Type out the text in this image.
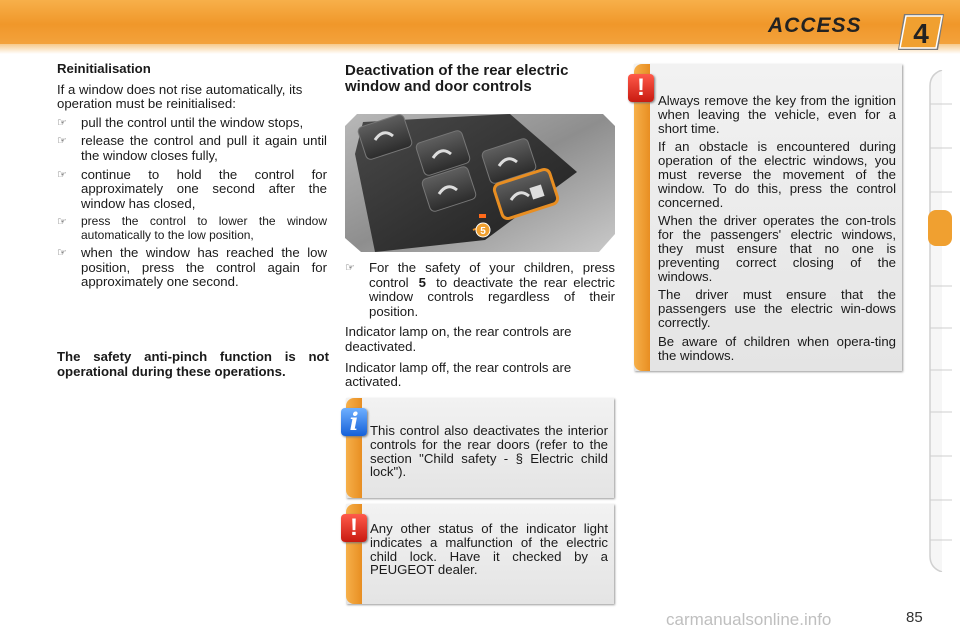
ACCESS 4

Reinitialisation

If a window does not rise automatically, its operation must be reinitialised:

☞	pull the control until the window stops,
☞	release the control and pull it again until the window closes fully,
☞	continue to hold the control for approximately one second after the window has closed,
☞	press the control to lower the window automatically to the low position,
☞	when the window has reached the low position, press the control again for approximately one second.
The safety anti-pinch function is not operational during these operations.
Deactivation of the rear electric window and door controls
5
☞	For the safety of your children, press control 5 to deactivate the rear electric window controls regardless of their position.

Indicator lamp on, the rear controls are deactivated.

Indicator lamp off, the rear controls are activated.

This control also deactivates the interior controls for the rear doors (refer to the section "Child safety - § Electric child lock").
i
Any other status of the indicator light indicates a malfunction of the electric child lock. Have it checked by a PEUGEOT dealer.
!

Always remove the key from the ignition when leaving the vehicle, even for a short time.

If an obstacle is encountered during operation of the electric windows, you must reverse the movement of the window. To do this, press the control concerned.

When the driver operates the con-trols for the passengers' electric windows, they must ensure that no one is preventing correct closing of the windows.

The driver must ensure that the passengers use the electric win-dows correctly.

Be aware of children when opera-ting the windows.

!
85
carmanualsonline.info
